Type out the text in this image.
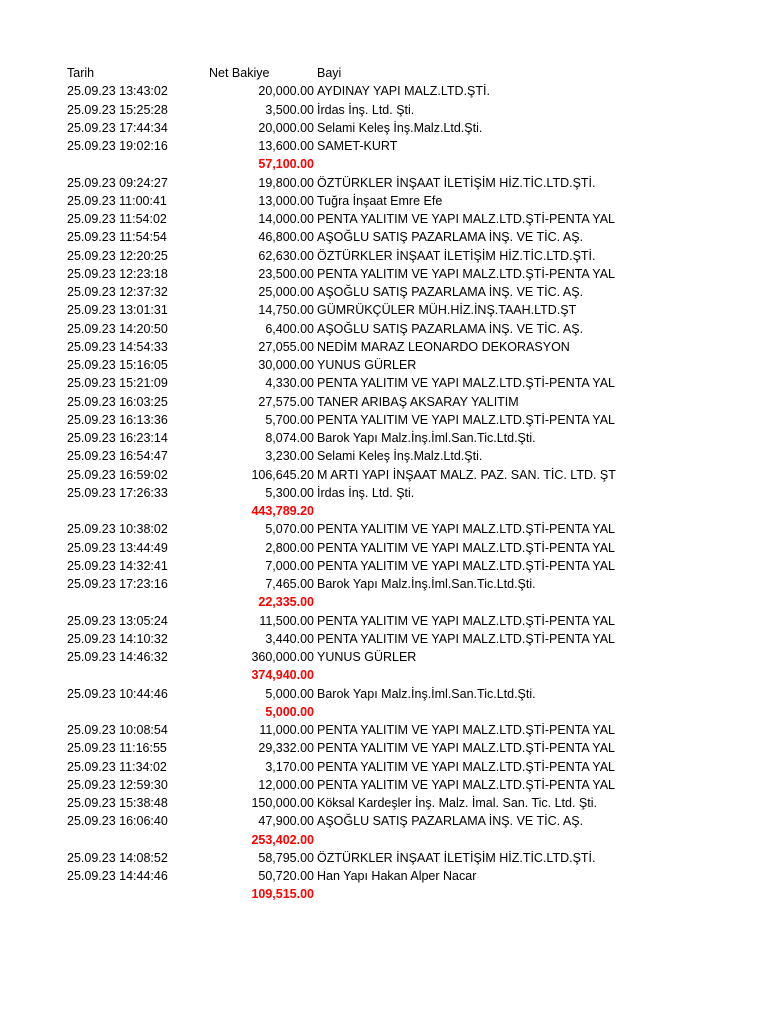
Tarih	Net Bakiye	Bayi
25.09.23 13:43:02	20,000.00 AYDINAY YAPI MALZ.LTD.ŞTİ.
25.09.23 15:25:28	3,500.00 İrdas İnş. Ltd. Şti.
25.09.23 17:44:34	20,000.00 Selami Keleş İnş.Malz.Ltd.Şti.
25.09.23 19:02:16	13,600.00 SAMET-KURT
57,100.00
25.09.23 09:24:27	19,800.00 ÖZTÜRKLER İNŞAAT İLETİŞİM HİZ.TİC.LTD.ŞTİ.
25.09.23 11:00:41	13,000.00 Tuğra İnşaat Emre Efe
25.09.23 11:54:02	14,000.00 PENTA YALITIM VE YAPI MALZ.LTD.ŞTİ-PENTA YAL
25.09.23 11:54:54	46,800.00 AŞOĞLU SATIŞ PAZARLAMA İNŞ. VE TİC. AŞ.
25.09.23 12:20:25	62,630.00 ÖZTÜRKLER İNŞAAT İLETİŞİM HİZ.TİC.LTD.ŞTİ.
25.09.23 12:23:18	23,500.00 PENTA YALITIM VE YAPI MALZ.LTD.ŞTİ-PENTA YAL
25.09.23 12:37:32	25,000.00 AŞOĞLU SATIŞ PAZARLAMA İNŞ. VE TİC. AŞ.
25.09.23 13:01:31	14,750.00 GÜMRÜKÇÜLER MÜH.HİZ.İNŞ.TAAH.LTD.ŞT
25.09.23 14:20:50	6,400.00 AŞOĞLU SATIŞ PAZARLAMA İNŞ. VE TİC. AŞ.
25.09.23 14:54:33	27,055.00 NEDİM MARAZ LEONARDO DEKORASYON
25.09.23 15:16:05	30,000.00 YUNUS GÜRLER
25.09.23 15:21:09	4,330.00 PENTA YALITIM VE YAPI MALZ.LTD.ŞTİ-PENTA YAL
25.09.23 16:03:25	27,575.00 TANER ARIBAŞ AKSARAY YALITIM
25.09.23 16:13:36	5,700.00 PENTA YALITIM VE YAPI MALZ.LTD.ŞTİ-PENTA YAL
25.09.23 16:23:14	8,074.00 Barok Yapı Malz.İnş.İml.San.Tic.Ltd.Şti.
25.09.23 16:54:47	3,230.00 Selami Keleş İnş.Malz.Ltd.Şti.
25.09.23 16:59:02	106,645.20 M ARTI YAPI İNŞAAT MALZ. PAZ. SAN. TİC. LTD. ŞT
25.09.23 17:26:33	5,300.00 İrdas İnş. Ltd. Şti.
443,789.20
25.09.23 10:38:02	5,070.00 PENTA YALITIM VE YAPI MALZ.LTD.ŞTİ-PENTA YAL
25.09.23 13:44:49	2,800.00 PENTA YALITIM VE YAPI MALZ.LTD.ŞTİ-PENTA YAL
25.09.23 14:32:41	7,000.00 PENTA YALITIM VE YAPI MALZ.LTD.ŞTİ-PENTA YAL
25.09.23 17:23:16	7,465.00 Barok Yapı Malz.İnş.İml.San.Tic.Ltd.Şti.
22,335.00
25.09.23 13:05:24	11,500.00 PENTA YALITIM VE YAPI MALZ.LTD.ŞTİ-PENTA YAL
25.09.23 14:10:32	3,440.00 PENTA YALITIM VE YAPI MALZ.LTD.ŞTİ-PENTA YAL
25.09.23 14:46:32	360,000.00 YUNUS GÜRLER
374,940.00
25.09.23 10:44:46	5,000.00 Barok Yapı Malz.İnş.İml.San.Tic.Ltd.Şti.
5,000.00
25.09.23 10:08:54	11,000.00 PENTA YALITIM VE YAPI MALZ.LTD.ŞTİ-PENTA YAL
25.09.23 11:16:55	29,332.00 PENTA YALITIM VE YAPI MALZ.LTD.ŞTİ-PENTA YAL
25.09.23 11:34:02	3,170.00 PENTA YALITIM VE YAPI MALZ.LTD.ŞTİ-PENTA YAL
25.09.23 12:59:30	12,000.00 PENTA YALITIM VE YAPI MALZ.LTD.ŞTİ-PENTA YAL
25.09.23 15:38:48	150,000.00 Köksal Kardeşler İnş. Malz. İmal. San. Tic. Ltd. Şti.
25.09.23 16:06:40	47,900.00 AŞOĞLU SATIŞ PAZARLAMA İNŞ. VE TİC. AŞ.
253,402.00
25.09.23 14:08:52	58,795.00 ÖZTÜRKLER İNŞAAT İLETİŞİM HİZ.TİC.LTD.ŞTİ.
25.09.23 14:44:46	50,720.00 Han Yapı Hakan Alper Nacar
109,515.00
